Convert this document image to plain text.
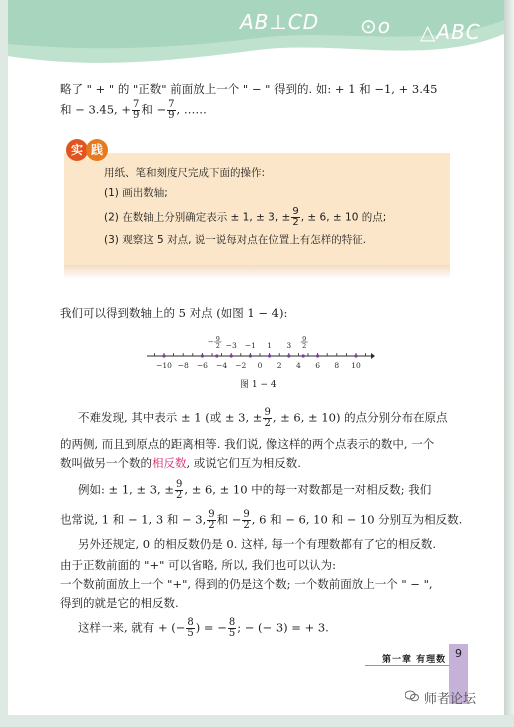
AB⊥CD ⊙o △ABC
略了 " + " 的 "正数" 前面放上一个 " − " 得到的. 如: + 1 和 −1, + 3.45
和 − 3.45, + $\frac{7}{9}$ 和 − $\frac{7}{9}$ , ……
实 践
用纸、笔和刻度尺完成下面的操作:
(1) 画出数轴;
(2) 在数轴上分别确定表示 ± 1, ± 3, ± $\frac{9}{2}$ , ± 6, ± 10 的点;
(3) 观察这 5 对点, 说一说每对点在位置上有怎样的特征.
我们可以得到数轴上的 5 对点 (如图 1 − 4):
−10 −8 −6 −4 −2 0 2 4 6 8 10
− 9
2 −3 −1 1 3
9
2
图 1 − 4
不难发现, 其中表示 ± 1 (或 ± 3, ± $\frac{9}{2}$ , ± 6, ± 10) 的点分别分布在原点
的两侧, 而且到原点的距离相等. 我们说, 像这样的两个点表示的数中, 一个
数叫做另一个数的相反数, 或说它们互为相反数.
例如: ± 1, ± 3, ± $\frac{9}{2}$ , ± 6, ± 10 中的每一对数都是一对相反数; 我们
也常说, 1 和 − 1, 3 和 − 3, $\frac{9}{2}$ 和 − $\frac{9}{2}$ , 6 和 − 6, 10 和 − 10 分别互为相反数.
另外还规定, 0 的相反数仍是 0. 这样, 每一个有理数都有了它的相反数.
由于正数前面的 "+" 可以省略, 所以, 我们也可以认为:
一个数前面放上一个 "+", 得到的仍是这个数; 一个数前面放上一个 " − ",
得到的就是它的相反数.
这样一来, 就有 + (− $\frac{8}{5}$ ) = − $\frac{8}{5}$ ; − (− 3) = + 3.
第一章 有理数 9
师者论坛
